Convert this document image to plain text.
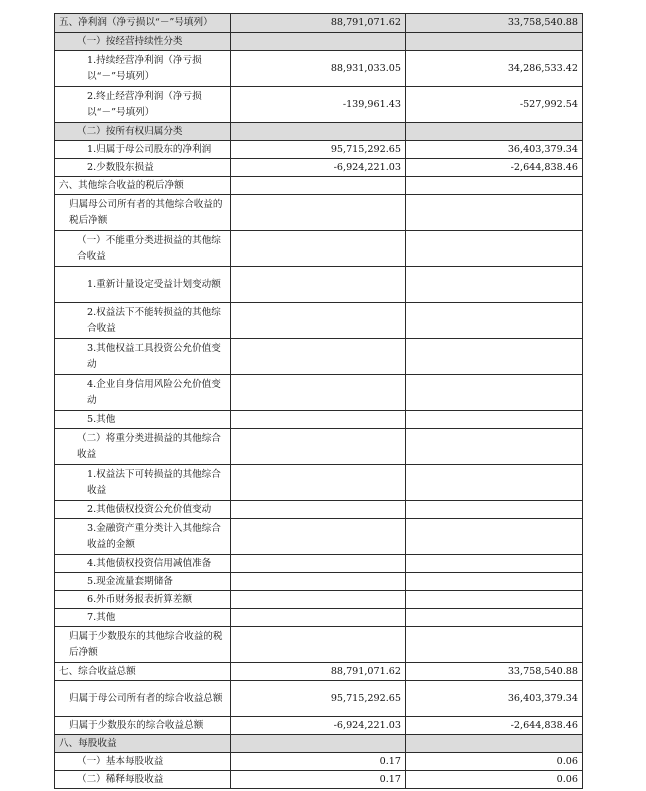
五、净利润（净亏损以“－”号填列）	88,791,071.62	33,758,540.88
（一）按经营持续性分类		
1.持续经营净利润（净亏损以“－”号填列）	88,931,033.05	34,286,533.42
2.终止经营净利润（净亏损以“－”号填列）	-139,961.43	-527,992.54
（二）按所有权归属分类		
1.归属于母公司股东的净利润	95,715,292.65	36,403,379.34
2.少数股东损益	-6,924,221.03	-2,644,838.46
六、其他综合收益的税后净额		
归属母公司所有者的其他综合收益的税后净额		
（一）不能重分类进损益的其他综合收益		
1.重新计量设定受益计划变动额		
2.权益法下不能转损益的其他综合收益		
3.其他权益工具投资公允价值变动		
4.企业自身信用风险公允价值变动		
5.其他		
（二）将重分类进损益的其他综合收益		
1.权益法下可转损益的其他综合收益		
2.其他债权投资公允价值变动		
3.金融资产重分类计入其他综合收益的金额		
4.其他债权投资信用减值准备		
5.现金流量套期储备		
6.外币财务报表折算差额		
7.其他		
归属于少数股东的其他综合收益的税后净额		
七、综合收益总额	88,791,071.62	33,758,540.88
归属于母公司所有者的综合收益总额	95,715,292.65	36,403,379.34
归属于少数股东的综合收益总额	-6,924,221.03	-2,644,838.46
八、每股收益		
（一）基本每股收益	0.17	0.06
（二）稀释每股收益	0.17	0.06
